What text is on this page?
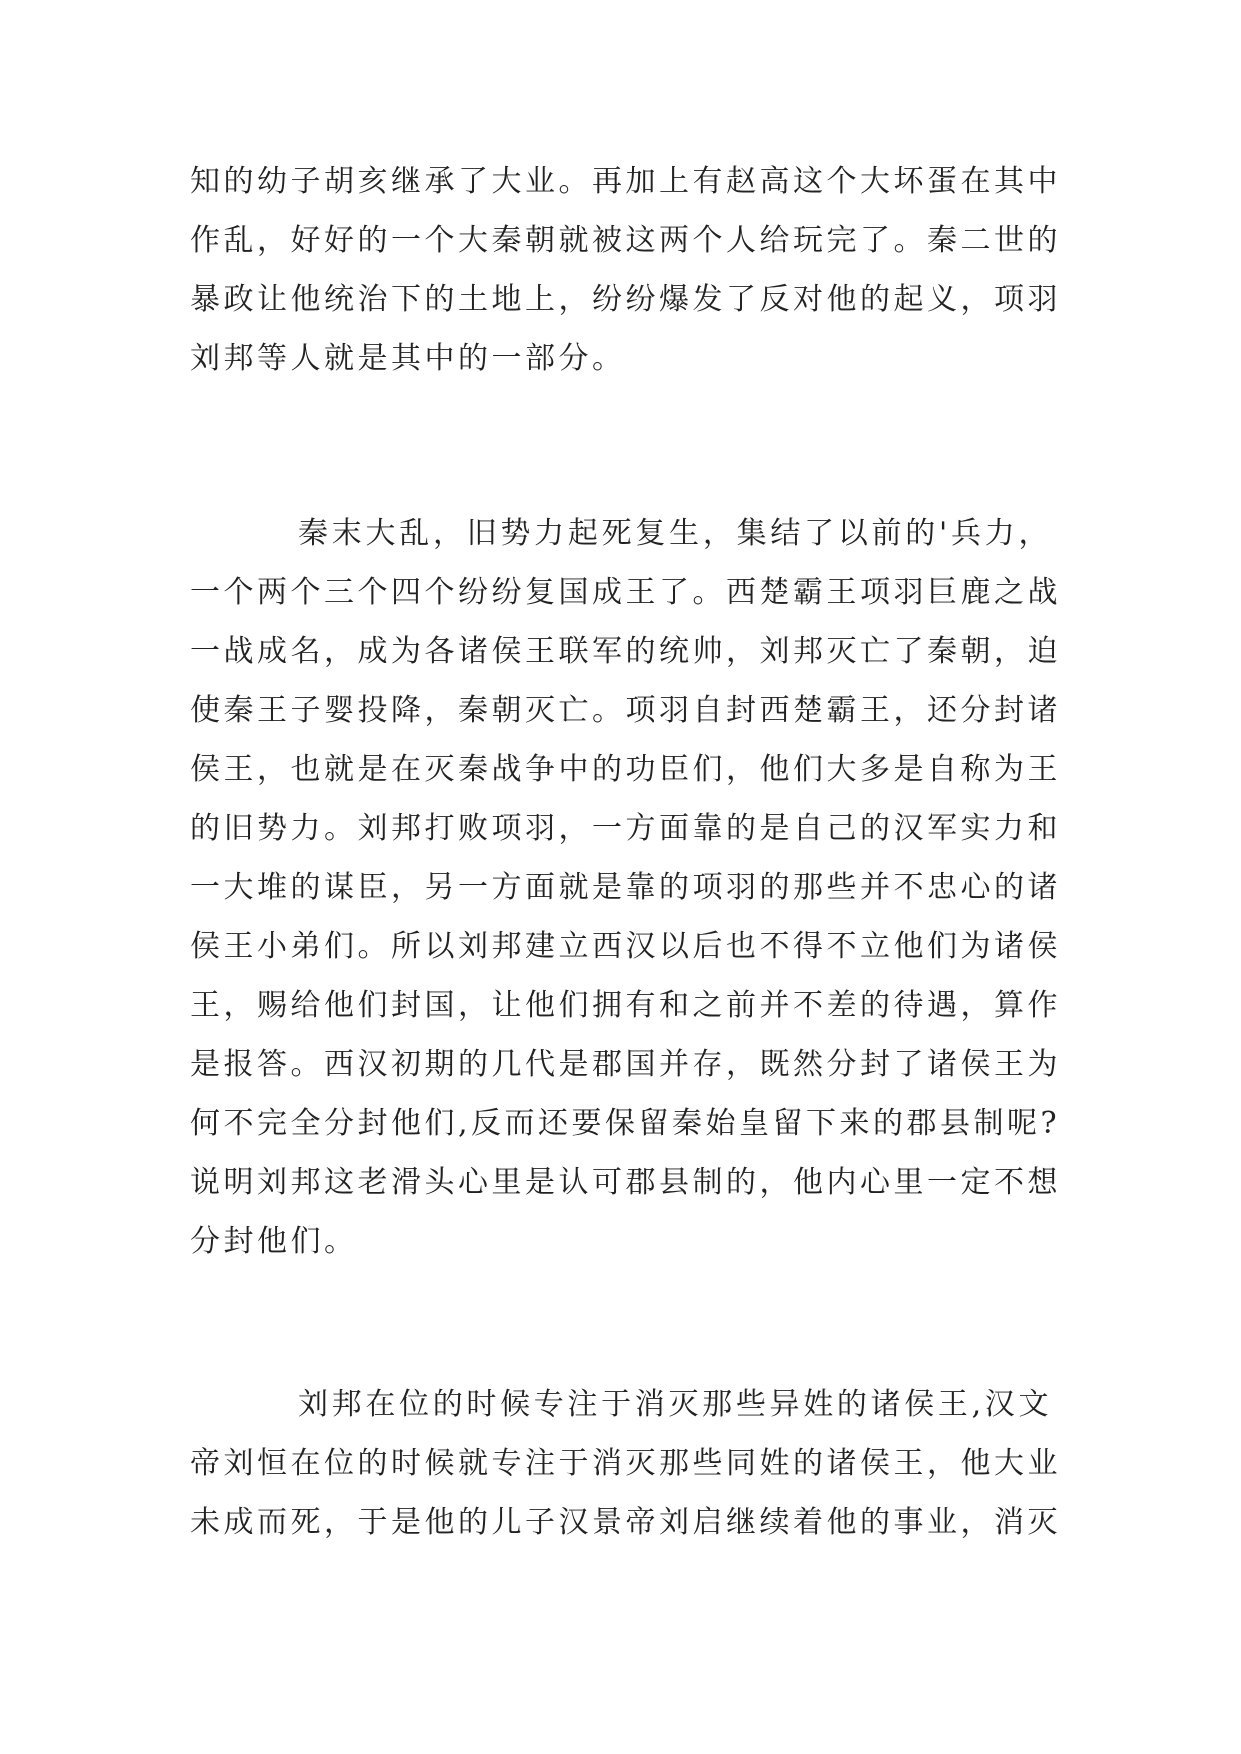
知的幼子胡亥继承了大业。再加上有赵高这个大坏蛋在其中
作乱，好好的一个大秦朝就被这两个人给玩完了。秦二世的
暴政让他统治下的土地上，纷纷爆发了反对他的起义，项羽
刘邦等人就是其中的一部分。
秦末大乱，旧势力起死复生，集结了以前的'兵力，
一个两个三个四个纷纷复国成王了。西楚霸王项羽巨鹿之战
一战成名，成为各诸侯王联军的统帅，刘邦灭亡了秦朝，迫
使秦王子婴投降，秦朝灭亡。项羽自封西楚霸王，还分封诸
侯王，也就是在灭秦战争中的功臣们，他们大多是自称为王
的旧势力。刘邦打败项羽，一方面靠的是自己的汉军实力和
一大堆的谋臣，另一方面就是靠的项羽的那些并不忠心的诸
侯王小弟们。所以刘邦建立西汉以后也不得不立他们为诸侯
王，赐给他们封国，让他们拥有和之前并不差的待遇，算作
是报答。西汉初期的几代是郡国并存，既然分封了诸侯王为
何不完全分封他们,反而还要保留秦始皇留下来的郡县制呢?
说明刘邦这老滑头心里是认可郡县制的，他内心里一定不想
分封他们。
刘邦在位的时候专注于消灭那些异姓的诸侯王,汉文
帝刘恒在位的时候就专注于消灭那些同姓的诸侯王，他大业
未成而死，于是他的儿子汉景帝刘启继续着他的事业，消灭
